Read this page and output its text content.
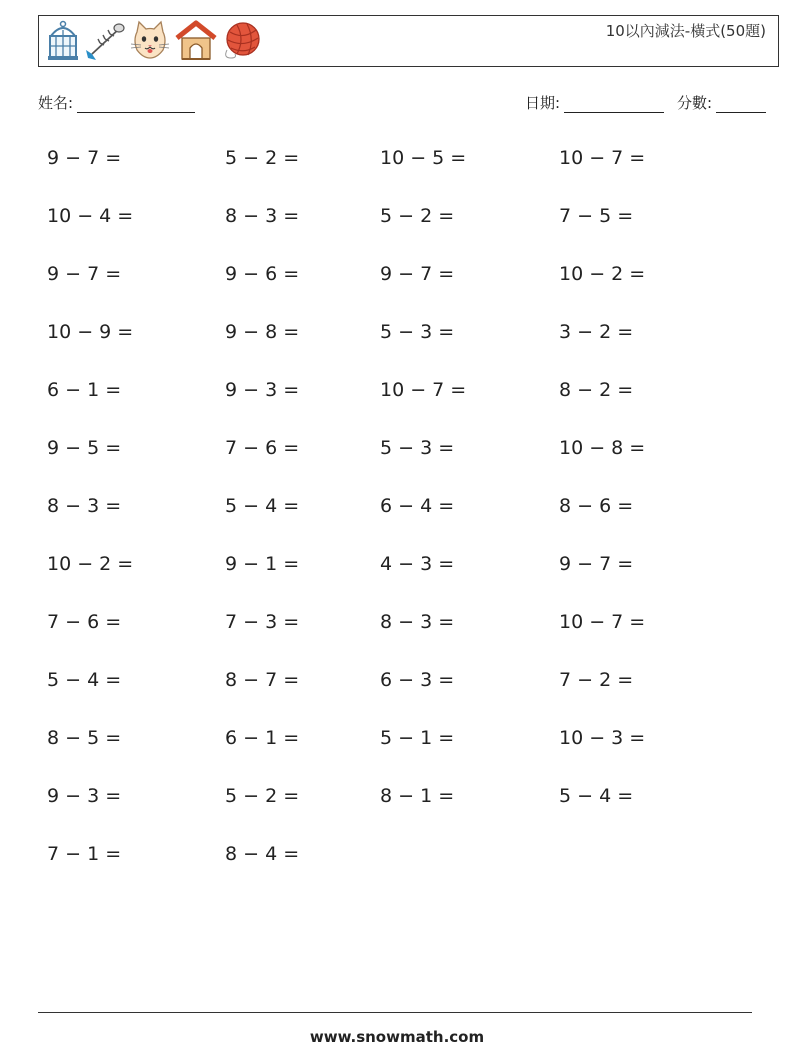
10以內減法-橫式(50題)
姓名:	日期:	分數:
9 − 7 =	5 − 2 =	10 − 5 =	10 − 7 =
10 − 4 =	8 − 3 =	5 − 2 =	7 − 5 =
9 − 7 =	9 − 6 =	9 − 7 =	10 − 2 =
10 − 9 =	9 − 8 =	5 − 3 =	3 − 2 =
6 − 1 =	9 − 3 =	10 − 7 =	8 − 2 =
9 − 5 =	7 − 6 =	5 − 3 =	10 − 8 =
8 − 3 =	5 − 4 =	6 − 4 =	8 − 6 =
10 − 2 =	9 − 1 =	4 − 3 =	9 − 7 =
7 − 6 =	7 − 3 =	8 − 3 =	10 − 7 =
5 − 4 =	8 − 7 =	6 − 3 =	7 − 2 =
8 − 5 =	6 − 1 =	5 − 1 =	10 − 3 =
9 − 3 =	5 − 2 =	8 − 1 =	5 − 4 =
7 − 1 =	8 − 4 =
www.snowmath.com
